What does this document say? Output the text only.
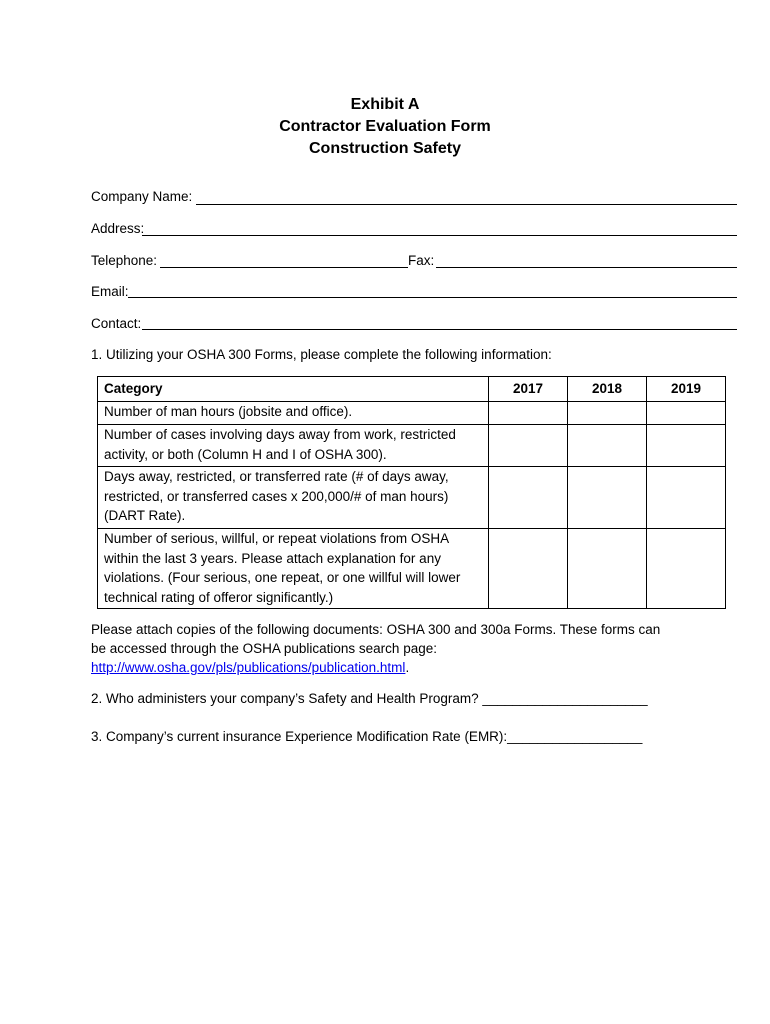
Exhibit A
Contractor Evaluation Form
Construction Safety
Company Name:
Address:
Telephone:	Fax:
Email:
Contact:
1. Utilizing your OSHA 300 Forms, please complete the following information:
Category	2017	2018	2019
Number of man hours (jobsite and office).			
Number of cases involving days away from work, restricted activity, or both (Column H and I of OSHA 300).			
Days away, restricted, or transferred rate (# of days away, restricted, or transferred cases x 200,000/# of man hours) (DART Rate).			
Number of serious, willful, or repeat violations from OSHA within the last 3 years. Please attach explanation for any violations. (Four serious, one repeat, or one willful will lower technical rating of offeror significantly.)			
Please attach copies of the following documents: OSHA 300 and 300a Forms. These forms can be accessed through the OSHA publications search page:
http://www.osha.gov/pls/publications/publication.html.
2. Who administers your company’s Safety and Health Program? ______________________
3. Company’s current insurance Experience Modification Rate (EMR):__________________
